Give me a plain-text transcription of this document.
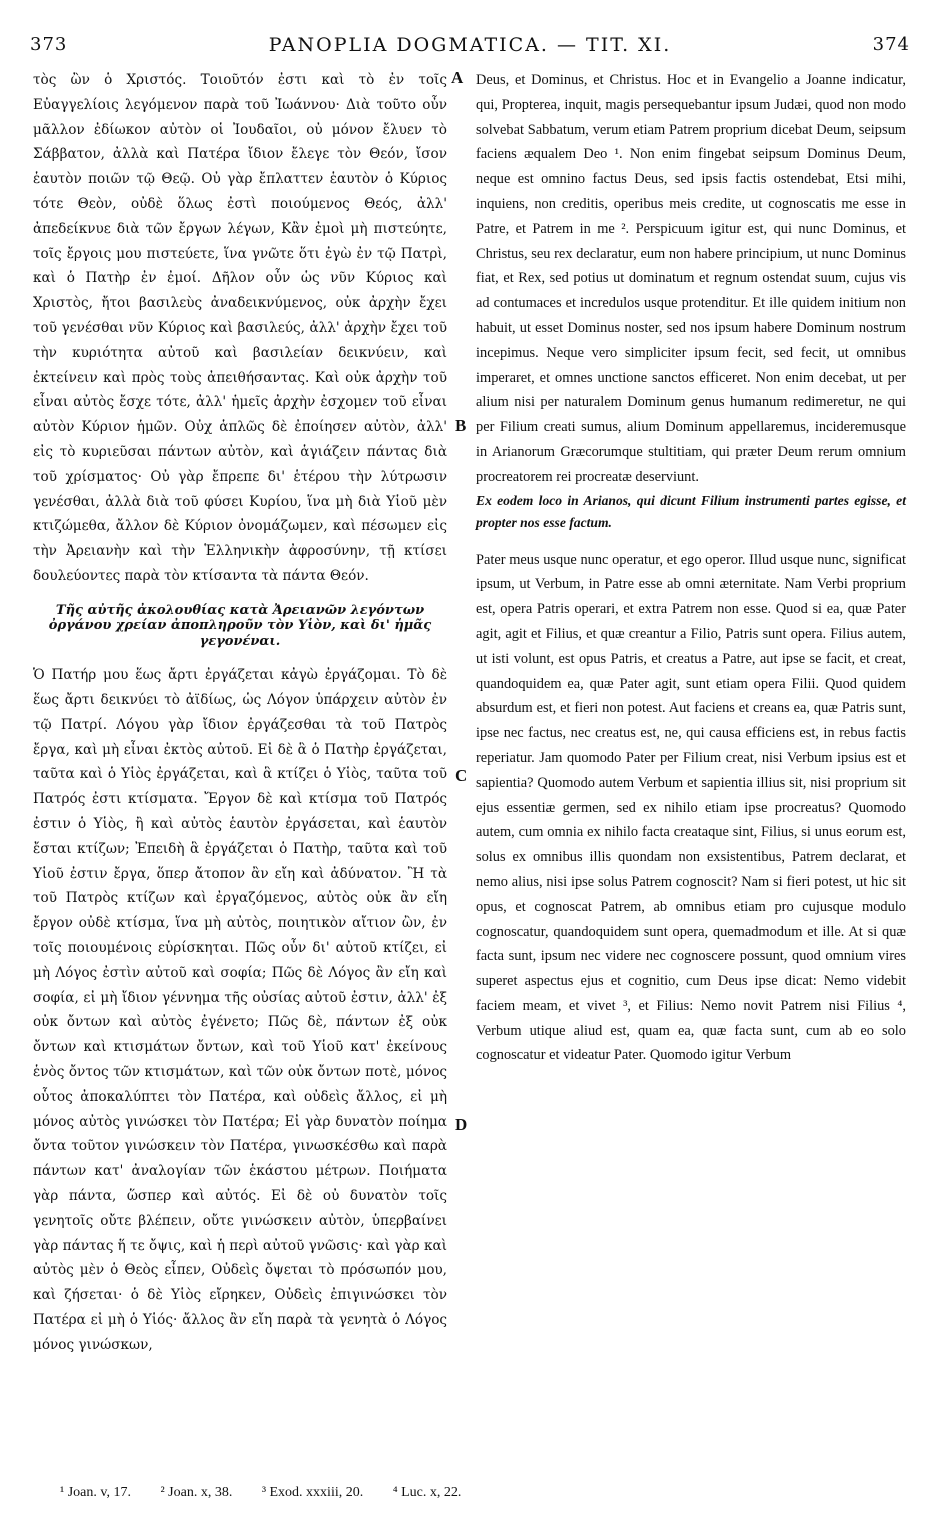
373	PANOPLIA DOGMATICA. — TIT. XI.	374

τὸς ὢν ὁ Χριστός. Τοιοῦτόν ἐστι καὶ τὸ ἐν τοῖς Εὐαγγελίοις λεγόμενον παρὰ τοῦ Ἰωάννου· Διὰ τοῦτο οὖν μᾶλλον ἐδίωκον αὐτὸν οἱ Ἰουδαῖοι, οὐ μόνον ἔλυεν τὸ Σάββατον, ἀλλὰ καὶ Πατέρα ἴδιον ἔλεγε τὸν Θεόν, ἴσον ἑαυτὸν ποιῶν τῷ Θεῷ. Οὐ γὰρ ἔπλαττεν ἑαυτὸν ὁ Κύριος τότε Θεὸν, οὐδὲ ὅλως ἐστὶ ποιούμενος Θεός, ἀλλ' ἀπεδείκνυε διὰ τῶν ἔργων λέγων, Κἂν ἐμοὶ μὴ πιστεύητε, τοῖς ἔργοις μου πιστεύετε, ἵνα γνῶτε ὅτι ἐγὼ ἐν τῷ Πατρὶ, καὶ ὁ Πατὴρ ἐν ἐμοί. Δῆλον οὖν ὡς νῦν Κύριος καὶ Χριστὸς, ἤτοι βασιλεὺς ἀναδεικνύμενος, οὐκ ἀρχὴν ἔχει τοῦ γενέσθαι νῦν Κύριος καὶ βασιλεύς, ἀλλ' ἀρχὴν ἔχει τοῦ τὴν κυριότητα αὐτοῦ καὶ βασιλείαν δεικνύειν, καὶ ἐκτείνειν καὶ πρὸς τοὺς ἀπειθήσαντας. Καὶ οὐκ ἀρχὴν τοῦ εἶναι αὐτὸς ἔσχε τότε, ἀλλ' ἡμεῖς ἀρχὴν ἐσχομεν τοῦ εἶναι αὐτὸν Κύριον ἡμῶν. Οὐχ ἁπλῶς δὲ ἐποίησεν αὐτὸν, ἀλλ' εἰς τὸ κυριεῦσαι πάντων αὐτὸν, καὶ ἁγιάζειν πάντας διὰ τοῦ χρίσματος· Οὐ γὰρ ἔπρεπε δι' ἑτέρου τὴν λύτρωσιν γενέσθαι, ἀλλὰ διὰ τοῦ φύσει Κυρίου, ἵνα μὴ διὰ Υἱοῦ μὲν κτιζώμεθα, ἄλλον δὲ Κύριον ὀνομάζωμεν, καὶ πέσωμεν εἰς τὴν Ἀρειανὴν καὶ τὴν Ἑλληνικὴν ἀφροσύνην, τῇ κτίσει δουλεύοντες παρὰ τὸν κτίσαντα τὰ πάντα Θεόν.

Τῆς αὐτῆς ἀκολουθίας κατὰ Ἀρειανῶν λεγόντων ὀργάνου χρείαν ἀποπληροῦν τὸν Υἱὸν, καὶ δι' ἡμᾶς γεγονέναι.

Ὁ Πατήρ μου ἕως ἄρτι ἐργάζεται κἀγὼ ἐργάζομαι. Τὸ δὲ ἕως ἄρτι δεικνύει τὸ ἀϊδίως, ὡς Λόγον ὑπάρχειν αὐτὸν ἐν τῷ Πατρί. Λόγου γὰρ ἴδιον ἐργάζεσθαι τὰ τοῦ Πατρὸς ἔργα, καὶ μὴ εἶναι ἐκτὸς αὐτοῦ. Εἰ δὲ ἃ ὁ Πατὴρ ἐργάζεται, ταῦτα καὶ ὁ Υἱὸς ἐργάζεται, καὶ ἃ κτίζει ὁ Υἱὸς, ταῦτα τοῦ Πατρός ἐστι κτίσματα. Ἔργον δὲ καὶ κτίσμα τοῦ Πατρός ἐστιν ὁ Υἱὸς, ἢ καὶ αὐτὸς ἑαυτὸν ἐργάσεται, καὶ ἑαυτὸν ἔσται κτίζων; Ἐπειδὴ ἃ ἐργάζεται ὁ Πατὴρ, ταῦτα καὶ τοῦ Υἱοῦ ἐστιν ἔργα, ὅπερ ἄτοπον ἂν εἴη καὶ ἀδύνατον. Ἢ τὰ τοῦ Πατρὸς κτίζων καὶ ἐργαζόμενος, αὐτὸς οὐκ ἂν εἴη ἔργον οὐδὲ κτίσμα, ἵνα μὴ αὐτὸς, ποιητικὸν αἴτιον ὢν, ἐν τοῖς ποιουμένοις εὑρίσκηται. Πῶς οὖν δι' αὐτοῦ κτίζει, εἰ μὴ Λόγος ἐστὶν αὐτοῦ καὶ σοφία; Πῶς δὲ Λόγος ἂν εἴη καὶ σοφία, εἰ μὴ ἴδιον γέννημα τῆς οὐσίας αὐτοῦ ἐστιν, ἀλλ' ἐξ οὐκ ὄντων καὶ αὐτὸς ἐγένετο; Πῶς δὲ, πάντων ἐξ οὐκ ὄντων καὶ κτισμάτων ὄντων, καὶ τοῦ Υἱοῦ κατ' ἐκείνους ἑνὸς ὄντος τῶν κτισμάτων, καὶ τῶν οὐκ ὄντων ποτὲ, μόνος οὗτος ἀποκαλύπτει τὸν Πατέρα, καὶ οὐδεὶς ἄλλος, εἰ μὴ μόνος αὐτὸς γινώσκει τὸν Πατέρα; Εἰ γὰρ δυνατὸν ποίημα ὄντα τοῦτον γινώσκειν τὸν Πατέρα, γινωσκέσθω καὶ παρὰ πάντων κατ' ἀναλογίαν τῶν ἑκάστου μέτρων. Ποιήματα γὰρ πάντα, ὥσπερ καὶ αὐτός. Εἰ δὲ οὐ δυνατὸν τοῖς γενητοῖς οὔτε βλέπειν, οὔτε γινώσκειν αὐτὸν, ὑπερβαίνει γὰρ πάντας ἥ τε ὄψις, καὶ ἡ περὶ αὐτοῦ γνῶσις· καὶ γὰρ καὶ αὐτὸς μὲν ὁ Θεὸς εἶπεν, Οὐδεὶς ὄψεται τὸ πρόσωπόν μου, καὶ ζήσεται· ὁ δὲ Υἱὸς εἴρηκεν, Οὐδεὶς ἐπιγινώσκει τὸν Πατέρα εἰ μὴ ὁ Υἱός· ἄλλος ἂν εἴη παρὰ τὰ γενητὰ ὁ Λόγος μόνος γινώσκων,

Deus, et Dominus, et Christus. Hoc et in Evangelio a Joanne indicatur, qui, Propterea, inquit, magis persequebantur ipsum Judæi, quod non modo solvebat Sabbatum, verum etiam Patrem proprium dicebat Deum, seipsum faciens æqualem Deo ¹. Non enim fingebat seipsum Dominus Deum, neque est omnino factus Deus, sed ipsis factis ostendebat, Etsi mihi, inquiens, non creditis, operibus meis credite, ut cognoscatis me esse in Patre, et Patrem in me ². Perspicuum igitur est, qui nunc Dominus, et Christus, seu rex declaratur, eum non habere principium, ut nunc Dominus fiat, et Rex, sed potius ut dominatum et regnum ostendat suum, cujus vis ad contumaces et incredulos usque protenditur. Et ille quidem initium non habuit, ut esset Dominus noster, sed nos ipsum habere Dominum nostrum incepimus. Neque vero simpliciter ipsum fecit, sed fecit, ut omnibus imperaret, et omnes unctione sanctos efficeret. Non enim decebat, ut per alium nisi per naturalem Dominum genus humanum redimeretur, ne qui per Filium creati sumus, alium Dominum appellaremus, incideremusque in Arianorum Græcorumque stultitiam, qui præter Deum rerum omnium procreatorem rei procreatæ deserviunt.

Ex eodem loco in Arianos, qui dicunt Filium instrumenti partes egisse, et propter nos esse factum.

Pater meus usque nunc operatur, et ego operor. Illud usque nunc, significat ipsum, ut Verbum, in Patre esse ab omni æternitate. Nam Verbi proprium est, opera Patris operari, et extra Patrem non esse. Quod si ea, quæ Pater agit, agit et Filius, et quæ creantur a Filio, Patris sunt opera. Filius autem, ut isti volunt, est opus Patris, et creatus a Patre, aut ipse se facit, et creat, quandoquidem ea, quæ Pater agit, sunt etiam opera Filii. Quod quidem absurdum est, et fieri non potest. Aut faciens et creans ea, quæ Patris sunt, ipse nec factus, nec creatus est, ne, qui causa efficiens est, in rebus factis reperiatur. Jam quomodo Pater per Filium creat, nisi Verbum ipsius est et sapientia? Quomodo autem Verbum et sapientia illius sit, nisi proprium sit ejus essentiæ germen, sed ex nihilo etiam ipse procreatus? Quomodo autem, cum omnia ex nihilo facta creataque sint, Filius, si unus eorum est, solus ex omnibus illis quondam non exsistentibus, Patrem declarat, et nemo alius, nisi ipse solus Patrem cognoscit? Nam si fieri potest, ut hic sit opus, et cognoscat Patrem, ab omnibus etiam pro cujusque modulo cognoscatur, quandoquidem sunt opera, quemadmodum et ille. At si quæ facta sunt, ipsum nec videre nec cognoscere possunt, quod omnium vires superet aspectus ejus et cognitio, cum Deus ipse dicat: Nemo videbit faciem meam, et vivet ³, et Filius: Nemo novit Patrem nisi Filius ⁴, Verbum utique aliud est, quam ea, quæ facta sunt, cum ab eo solo cognoscatur et videatur Pater. Quomodo igitur Verbum

A
B
C
D
¹ Joan. v, 17. ² Joan. x, 38. ³ Exod. xxxiii, 20. ⁴ Luc. x, 22.
